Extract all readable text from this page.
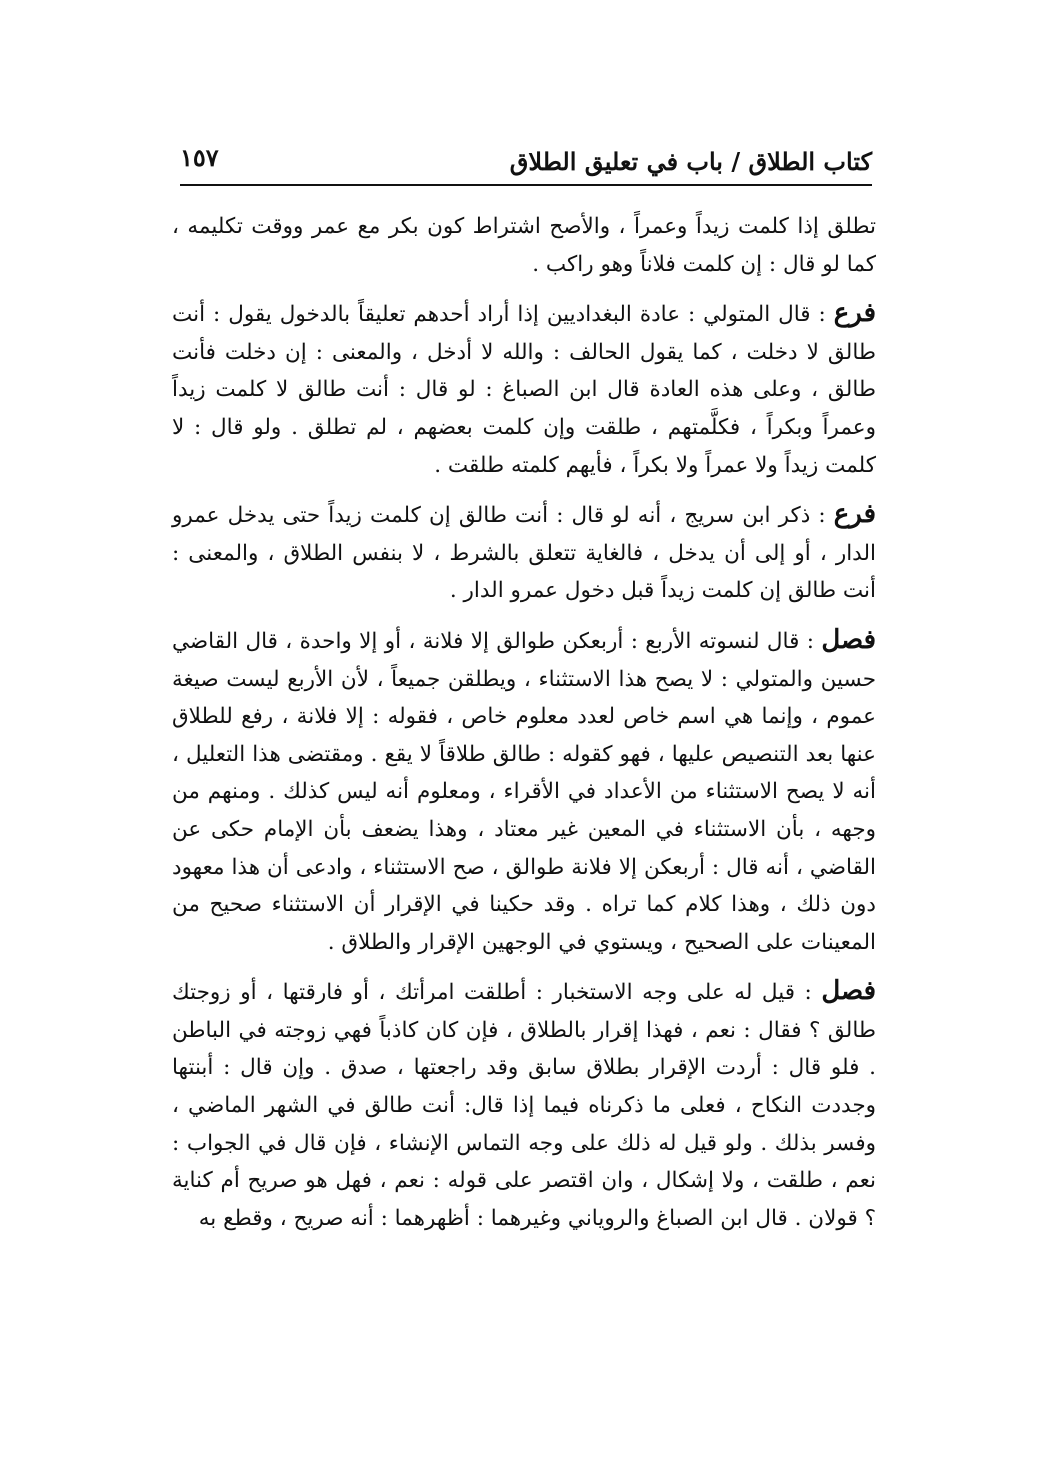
كتاب الطلاق / باب في تعليق الطلاق
١٥٧

تطلق إذا كلمت زيداً وعمراً ، والأصح اشتراط كون بكر مع عمر ووقت تكليمه ، كما لو قال : إن كلمت فلاناً وهو راكب .

فرع : قال المتولي : عادة البغداديين إذا أراد أحدهم تعليقاً بالدخول يقول : أنت طالق لا دخلت ، كما يقول الحالف : والله لا أدخل ، والمعنى : إن دخلت فأنت طالق ، وعلى هذه العادة قال ابن الصباغ : لو قال : أنت طالق لا كلمت زيداً وعمراً وبكراً ، فكلَّمتهم ، طلقت وإن كلمت بعضهم ، لم تطلق . ولو قال : لا كلمت زيداً ولا عمراً ولا بكراً ، فأيهم كلمته طلقت .

فرع : ذكر ابن سريج ، أنه لو قال : أنت طالق إن كلمت زيداً حتى يدخل عمرو الدار ، أو إلى أن يدخل ، فالغاية تتعلق بالشرط ، لا بنفس الطلاق ، والمعنى : أنت طالق إن كلمت زيداً قبل دخول عمرو الدار .

فصل : قال لنسوته الأربع : أربعكن طوالق إلا فلانة ، أو إلا واحدة ، قال القاضي حسين والمتولي : لا يصح هذا الاستثناء ، ويطلقن جميعاً ، لأن الأربع ليست صيغة عموم ، وإنما هي اسم خاص لعدد معلوم خاص ، فقوله : إلا فلانة ، رفع للطلاق عنها بعد التنصيص عليها ، فهو كقوله : طالق طلاقاً لا يقع . ومقتضى هذا التعليل ، أنه لا يصح الاستثناء من الأعداد في الأقراء ، ومعلوم أنه ليس كذلك . ومنهم من وجهه ، بأن الاستثناء في المعين غير معتاد ، وهذا يضعف بأن الإمام حكى عن القاضي ، أنه قال : أربعكن إلا فلانة طوالق ، صح الاستثناء ، وادعى أن هذا معهود دون ذلك ، وهذا كلام كما تراه . وقد حكينا في الإقرار أن الاستثناء صحيح من المعينات على الصحيح ، ويستوي في الوجهين الإقرار والطلاق .

فصل : قيل له على وجه الاستخبار : أطلقت امرأتك ، أو فارقتها ، أو زوجتك طالق ؟ فقال : نعم ، فهذا إقرار بالطلاق ، فإن كان كاذباً فهي زوجته في الباطن . فلو قال : أردت الإقرار بطلاق سابق وقد راجعتها ، صدق . وإن قال : أبنتها وجددت النكاح ، فعلى ما ذكرناه فيما إذا قال: أنت طالق في الشهر الماضي ، وفسر بذلك . ولو قيل له ذلك على وجه التماس الإنشاء ، فإن قال في الجواب : نعم ، طلقت ، ولا إشكال ، وان اقتصر على قوله : نعم ، فهل هو صريح أم كناية ؟ قولان . قال ابن الصباغ والروياني وغيرهما : أظهرهما : أنه صريح ، وقطع به
